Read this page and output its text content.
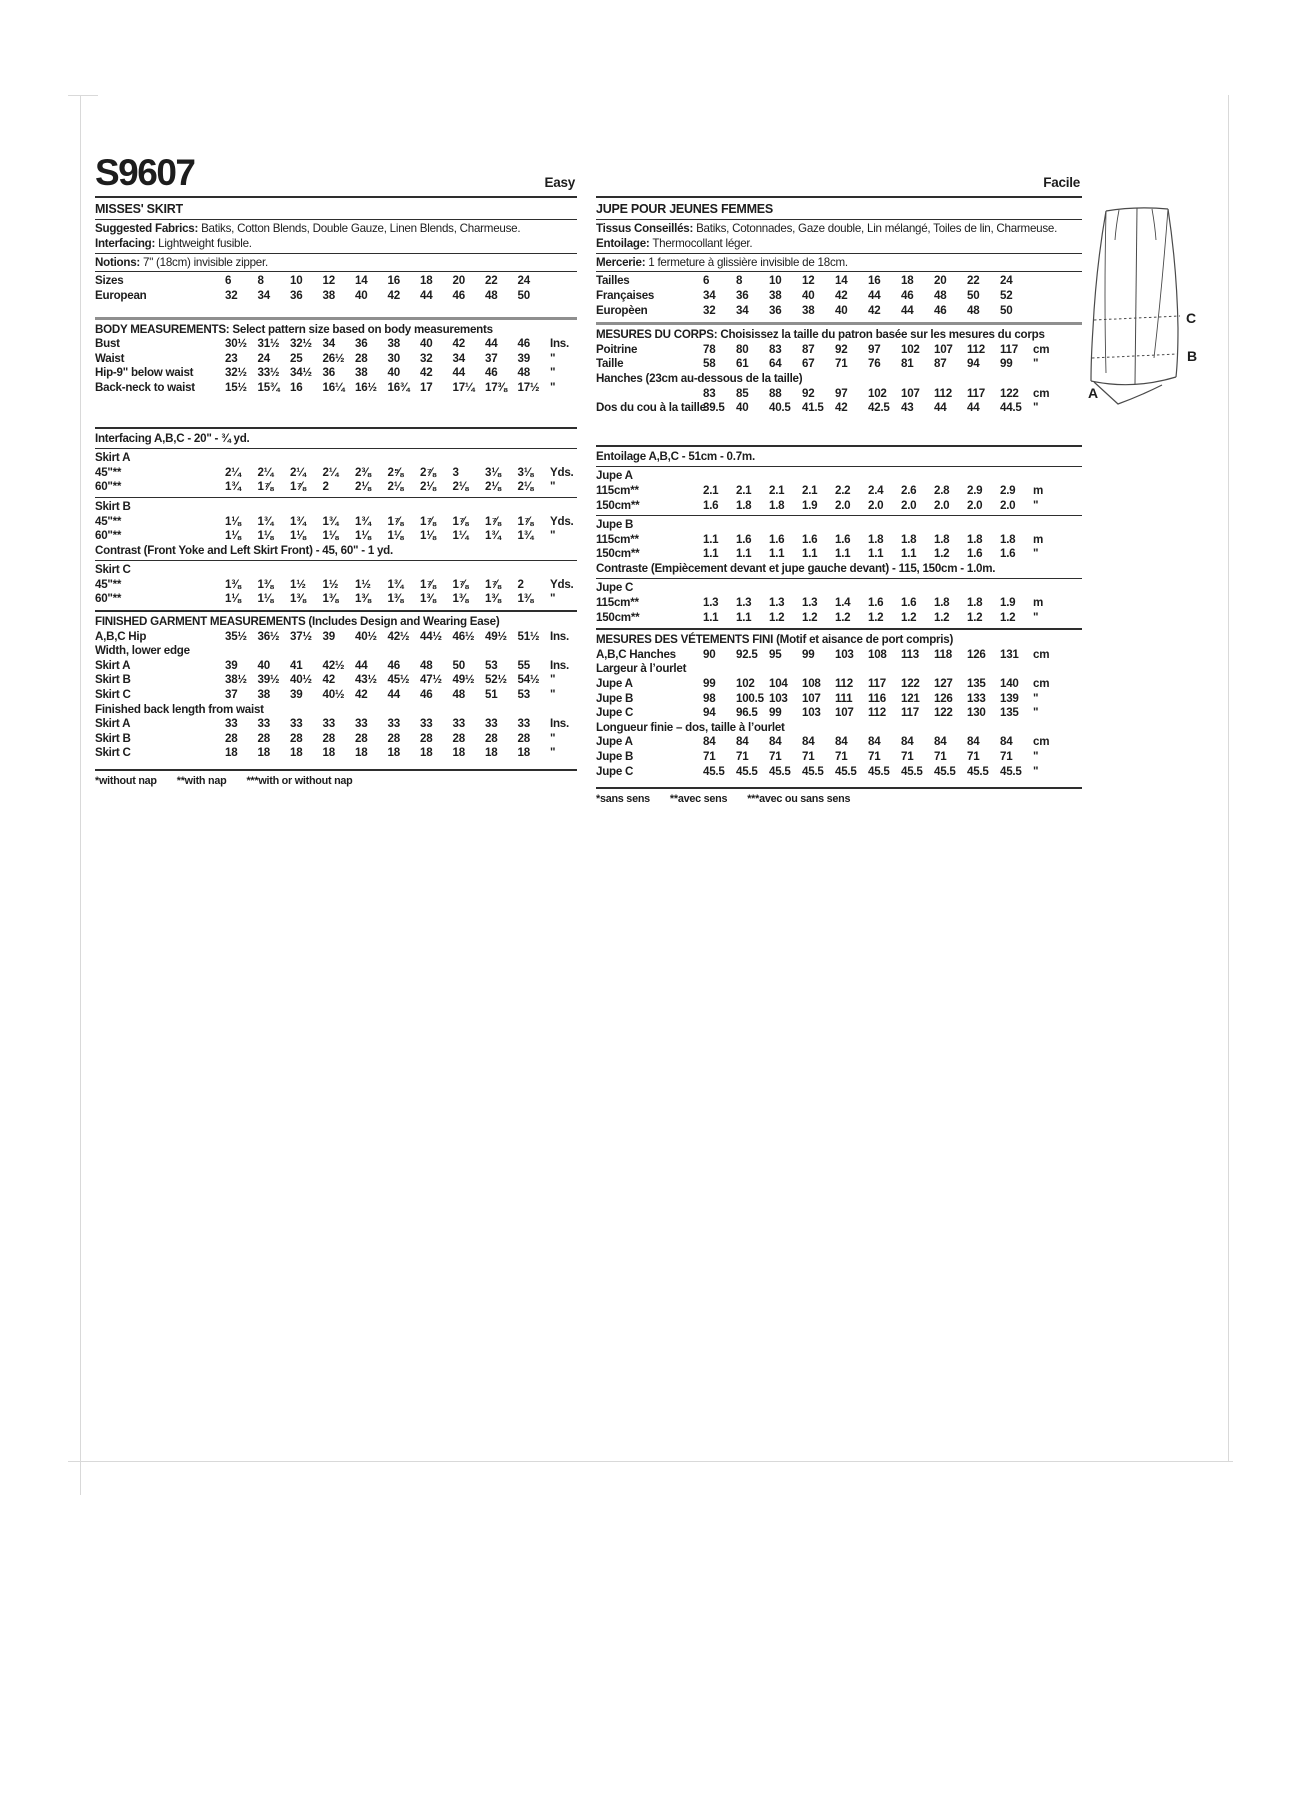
S9607	Easy
MISSES' SKIRT

Suggested Fabrics: Batiks, Cotton Blends, Double Gauze, Linen Blends, Charmeuse.

Interfacing: Lightweight fusible.

Notions: 7" (18cm) invisible zipper.

Sizes	6	8	10	12	14	16	18	20	22	24
European	32	34	36	38	40	42	44	46	48	50
BODY MEASUREMENTS: Select pattern size based on body measurements
Bust	30½ 31½ 32½ 34	36	38	40	42	44	46	Ins.
Waist	23	24	25	26½ 28	30	32	34	37	39	"
Hip-9" below waist	32½ 33½ 34½ 36	38	40	42	44	46	48	"
Back-neck to waist	15½ 15¾ 16	16¼ 16½ 16¾ 17	17¼ 17⅜ 17½ "
Interfacing A,B,C - 20" - ¾ yd.
Skirt A
45"**	2¼	2¼	2¼	2¼	2⅜	2⅝	2⅞	3	3⅛	3⅛	Yds.
60"**	1¾	1⅞	1⅞	2	2⅛	2⅛	2⅛	2⅛	2⅛	2⅛	"
Skirt B
45"**	1⅛	1¾	1¾	1¾	1¾	1⅞	1⅞	1⅞	1⅞	1⅞	Yds.
60"**	1⅛	1⅛	1⅛	1⅛	1⅛	1⅛	1⅛	1¼	1¾	1¾	"
Contrast (Front Yoke and Left Skirt Front) - 45, 60" - 1 yd.
Skirt C
45"**	1⅜	1⅜	1½	1½	1½	1¾	1⅞	1⅞	1⅞	2	Yds.
60"**	1⅛	1⅛	1⅜	1⅜	1⅜	1⅜	1⅜	1⅜	1⅜	1⅜	"
FINISHED GARMENT MEASUREMENTS (Includes Design and Wearing Ease)
A,B,C Hip	35½ 36½ 37½ 39	40½ 42½ 44½ 46½ 49½ 51½ Ins.
Width, lower edge
Skirt A	39	40	41	42½ 44	46	48	50	53	55	Ins.
Skirt B	38½ 39½ 40½ 42	43½ 45½ 47½ 49½ 52½ 54½ "
Skirt C	37	38	39	40½ 42	44	46	48	51	53	"
Finished back length from waist
Skirt A	33	33	33	33	33	33	33	33	33	33	Ins.
Skirt B	28	28	28	28	28	28	28	28	28	28	"
Skirt C	18	18	18	18	18	18	18	18	18	18	"

*without nap **with nap ***with or without nap

Facile
JUPE POUR JEUNES FEMMES

Tissus Conseillés: Batiks, Cotonnades, Gaze double, Lin mélangé, Toiles de lin, Charmeuse.

Entoilage: Thermocollant léger.

Mercerie: 1 fermeture à glissière invisible de 18cm.

Tailles	6	8	10	12	14	16	18	20	22	24
Françaises	34	36	38	40	42	44	46	48	50	52
Europèen	32	34	36	38	40	42	44	46	48	50
MESURES DU CORPS: Choisissez la taille du patron basée sur les mesures du corps
Poitrine	78	80	83	87	92	97	102	107	112	117	cm
Taille	58	61	64	67	71	76	81	87	94	99	"
Hanches (23cm au-dessous de la taille)
83	85	88	92	97	102	107	112	117	122	cm
Dos du cou à la taille
39.5 40	40.5 41.5 42	42.5 43	44	44	44.5 "
Entoilage A,B,C - 51cm - 0.7m.
Jupe A
115cm**	2.1	2.1	2.1	2.1	2.2	2.4	2.6	2.8	2.9	2.9	m
150cm**	1.6	1.8	1.8	1.9	2.0	2.0	2.0	2.0	2.0	2.0	"
Jupe B
115cm**	1.1	1.6	1.6	1.6	1.6	1.8	1.8	1.8	1.8	1.8	m
150cm**	1.1	1.1	1.1	1.1	1.1	1.1	1.1	1.2	1.6	1.6	"
Contraste (Empiècement devant et jupe gauche devant) - 115, 150cm - 1.0m.
Jupe C
115cm**	1.3	1.3	1.3	1.3	1.4	1.6	1.6	1.8	1.8	1.9	m
150cm**	1.1	1.1	1.2	1.2	1.2	1.2	1.2	1.2	1.2	1.2	"
MESURES DES VÉTEMENTS FINI (Motif et aisance de port compris)
A,B,C Hanches	90	92.5 95	99	103	108	113	118	126	131	cm
Largeur à l’ourlet
Jupe A	99	102	104	108	112	117	122	127	135	140	cm
Jupe B	98	100.5 103	107	111	116	121	126	133	139	"
Jupe C	94	96.5 99	103	107	112	117	122	130	135	"
Longueur finie – dos, taille à l’ourlet
Jupe A	84	84	84	84	84	84	84	84	84	84	cm
Jupe B	71	71	71	71	71	71	71	71	71	71	"
Jupe C	45.5 45.5 45.5 45.5 45.5 45.5 45.5 45.5 45.5 45.5 "

*sans sens **avec sens ***avec ou sans sens

C
B
A
